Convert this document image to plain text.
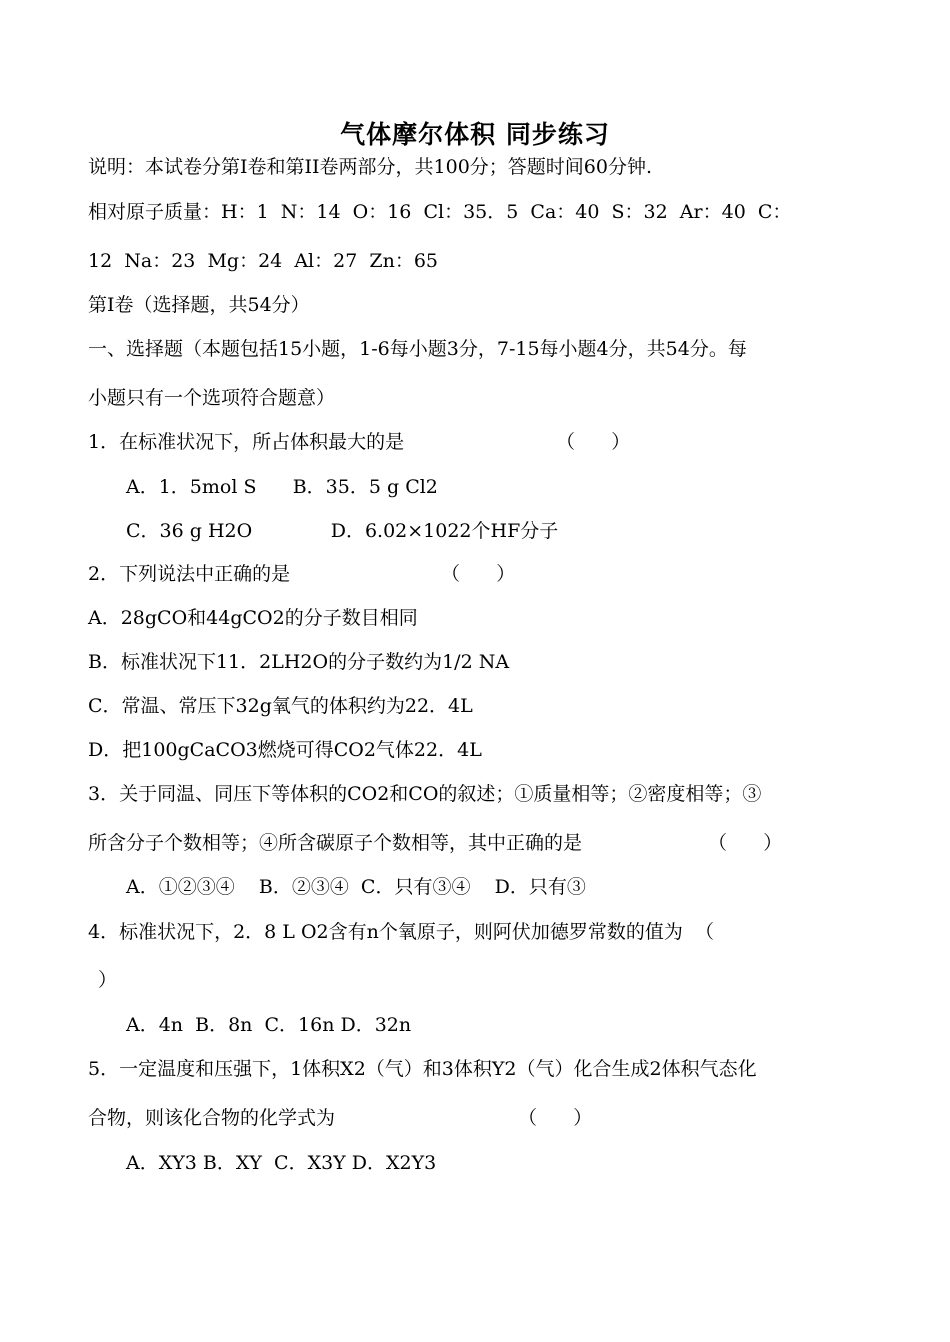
气体摩尔体积 同步练习
说明：本试卷分第I卷和第II卷两部分，共100分；答题时间60分钟.
相对原子质量：H：1  N：14  O：16  Cl：35．5  Ca：40  S：32  Ar：40  C：
12  Na：23  Mg：24  Al：27  Zn：65
第I卷（选择题，共54分）
一、选择题（本题包括15小题，1-6每小题3分，7-15每小题4分，共54分。每
小题只有一个选项符合题意）
1．在标准状况下，所占体积最大的是	（      ）
A．1．5mol S      B．35．5 g Cl2
C．36 g H2O             D．6.02×1022个HF分子
2．下列说法中正确的是	（      ）
A．28gCO和44gCO2的分子数目相同
B．标准状况下11．2LH2O的分子数约为1/2 NA
C．常温、常压下32g氧气的体积约为22．4L
D．把100gCaCO3燃烧可得CO2气体22．4L
3．关于同温、同压下等体积的CO2和CO的叙述；①质量相等；②密度相等；③
所含分子个数相等；④所含碳原子个数相等，其中正确的是	（      ）
A．①②③④    B．②③④  C．只有③④    D．只有③
4．标准状况下，2．8 L O2含有n个氧原子，则阿伏加德罗常数的值为  （
）
A．4n  B．8n  C．16n D．32n
5．一定温度和压强下，1体积X2（气）和3体积Y2（气）化合生成2体积气态化
合物，则该化合物的化学式为	（      ）
A．XY3 B．XY  C．X3Y D．X2Y3
